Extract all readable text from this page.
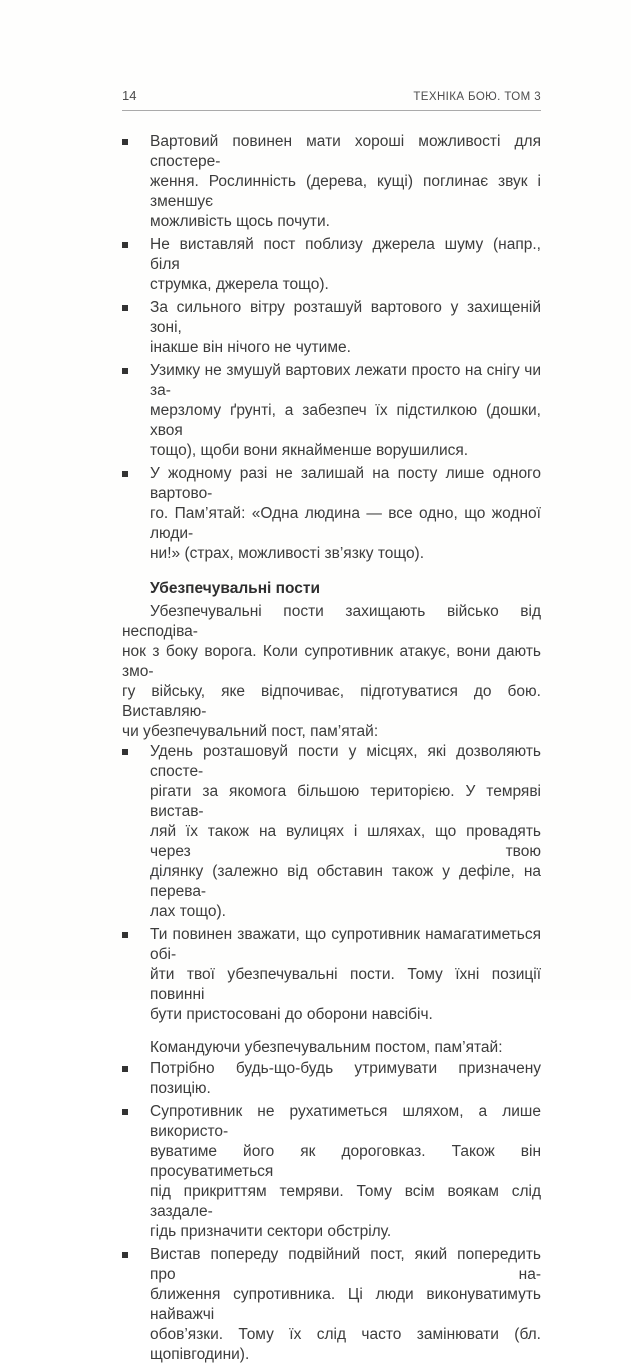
14	ТЕХНІКА БОЮ. ТОМ 3
Вартовий повинен мати хороші можливості для спостере-
ження. Рослинність (дерева, кущі) поглинає звук і зменшує
можливість щось почути.
Не виставляй пост поблизу джерела шуму (напр., біля
струмка, джерела тощо).
За сильного вітру розташуй вартового у захищеній зоні,
інакше він нічого не чутиме.
Узимку не змушуй вартових лежати просто на снігу чи за-
мерзлому ґрунті, а забезпеч їх підстилкою (дошки, хвоя
тощо), щоби вони якнайменше ворушилися.
У жодному разі не залишай на посту лише одного вартово-
го. Пам’ятай: «Одна людина — все одно, що жодної люди-
ни!» (страх, можливості зв’язку тощо).
Убезпечувальні пости
Убезпечувальні пости захищають військо від несподіва-
нок з боку ворога. Коли супротивник атакує, вони дають змо-
гу війську, яке відпочиває, підготуватися до бою. Виставляю-
чи убезпечувальний пост, пам’ятай:
Удень розташовуй пости у місцях, які дозволяють спосте-
рігати за якомога більшою територією. У темряві вистав-
ляй їх також на вулицях і шляхах, що провадять через твою
ділянку (залежно від обставин також у дефіле, на перева-
лах тощо).
Ти повинен зважати, що супротивник намагатиметься обі-
йти твої убезпечувальні пости. Тому їхні позиції повинні
бути пристосовані до оборони навсібіч.
Командуючи убезпечувальним постом, пам’ятай:
Потрібно будь-що-будь утримувати призначену позицію.
Супротивник не рухатиметься шляхом, а лише використо-
вуватиме його як дороговказ. Також він просуватиметься
під прикриттям темряви. Тому всім воякам слід заздале-
гідь призначити сектори обстрілу.
Вистав попереду подвійний пост, який попередить про на-
ближення супротивника. Ці люди виконуватимуть найважчі
обов’язки. Тому їх слід часто замінювати (бл. щопівгодини).
